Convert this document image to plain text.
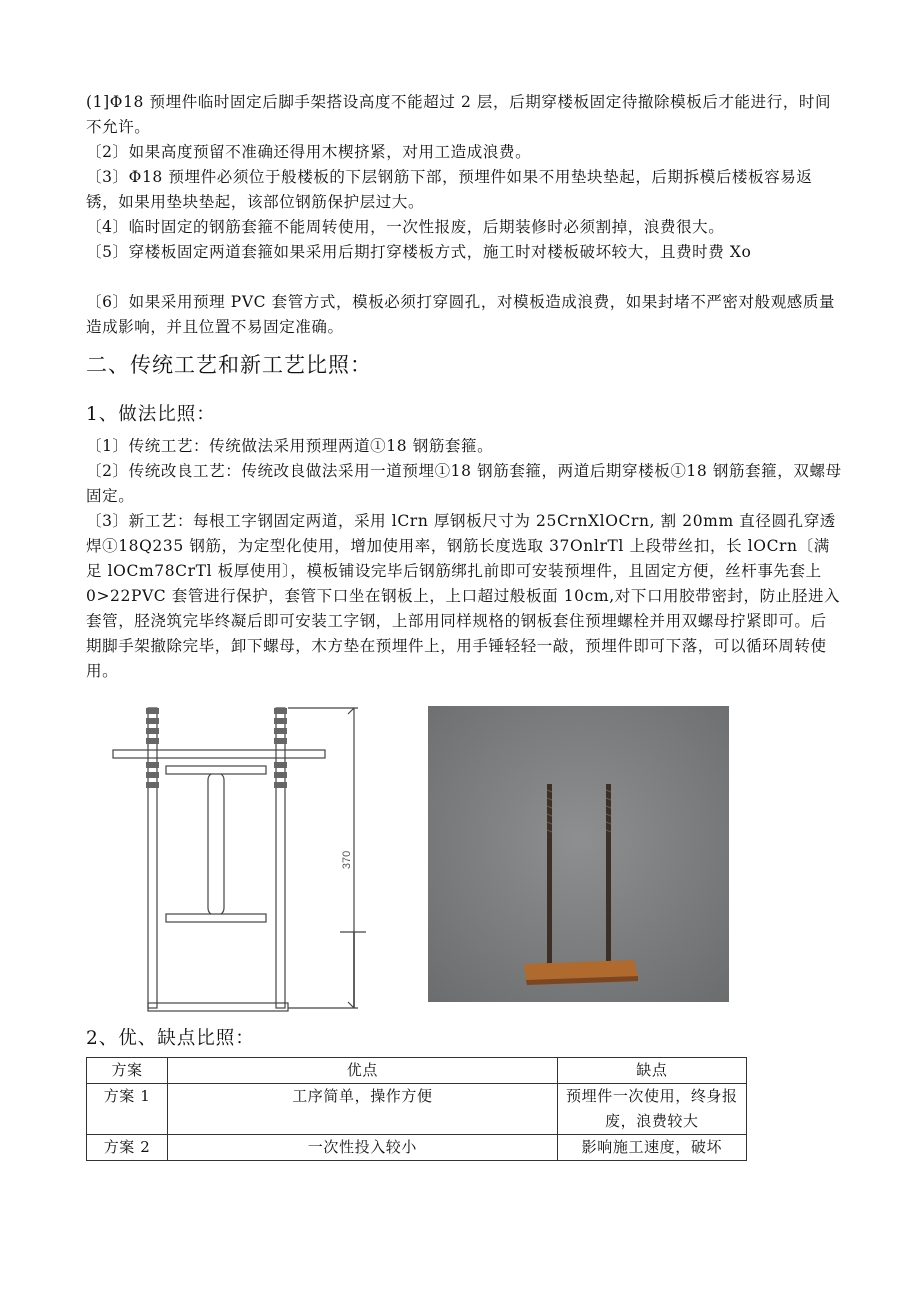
(1]Φ18 预埋件临时固定后脚手架搭设高度不能超过 2 层，后期穿楼板固定待撤除模板后才能进行，时间不允许。

〔2〕如果高度预留不准确还得用木楔挤紧，对用工造成浪费。

〔3〕Φ18 预埋件必须位于般楼板的下层钢筋下部，预埋件如果不用垫块垫起，后期拆模后楼板容易返锈，如果用垫块垫起，该部位钢筋保护层过大。

〔4〕临时固定的钢筋套箍不能周转使用，一次性报废，后期装修时必须割掉，浪费很大。

〔5〕穿楼板固定两道套箍如果采用后期打穿楼板方式，施工时对楼板破坏较大，且费时费 Xo

〔6〕如果采用预理 PVC 套管方式，模板必须打穿圆孔，对模板造成浪费，如果封堵不严密对般观感质量造成影响，并且位置不易固定准确。

二、传统工艺和新工艺比照：
1、做法比照：

〔1〕传统工艺：传统做法采用预理两道①18 钢筋套箍。

〔2〕传统改良工艺：传统改良做法采用一道预埋①18 钢筋套箍，两道后期穿楼板①18 钢筋套箍，双螺母固定。

〔3〕新工艺：每根工字钢固定两道，采用 lCrn 厚钢板尺寸为 25CrnXlOCrn, 割 20mm 直径圆孔穿透焊①18Q235 钢筋，为定型化使用，增加使用率，钢筋长度选取 37OnlrTl 上段带丝扣，长 lOCrn〔满足 lOCm78CrTl 板厚使用〕，模板铺设完毕后钢筋绑扎前即可安装预埋件，且固定方便，丝杆事先套上 0>22PVC 套管进行保护，套管下口坐在钢板上，上口超过般板面 10cm,对下口用胶带密封，防止胫进入套管，胫浇筑完毕终凝后即可安装工字钢，上部用同样规格的钢板套住预埋螺栓并用双螺母拧紧即可。后期脚手架撤除完毕，卸下螺母，木方垫在预埋件上，用手锤轻轻一敲，预埋件即可下落，可以循环周转使用。

370
2、优、缺点比照：
方案	优点	缺点
方案 1	工序简单，操作方便	预埋件一次使用，终身报废，浪费较大
方案 2	一次性投入较小	影响施工速度，破坏
